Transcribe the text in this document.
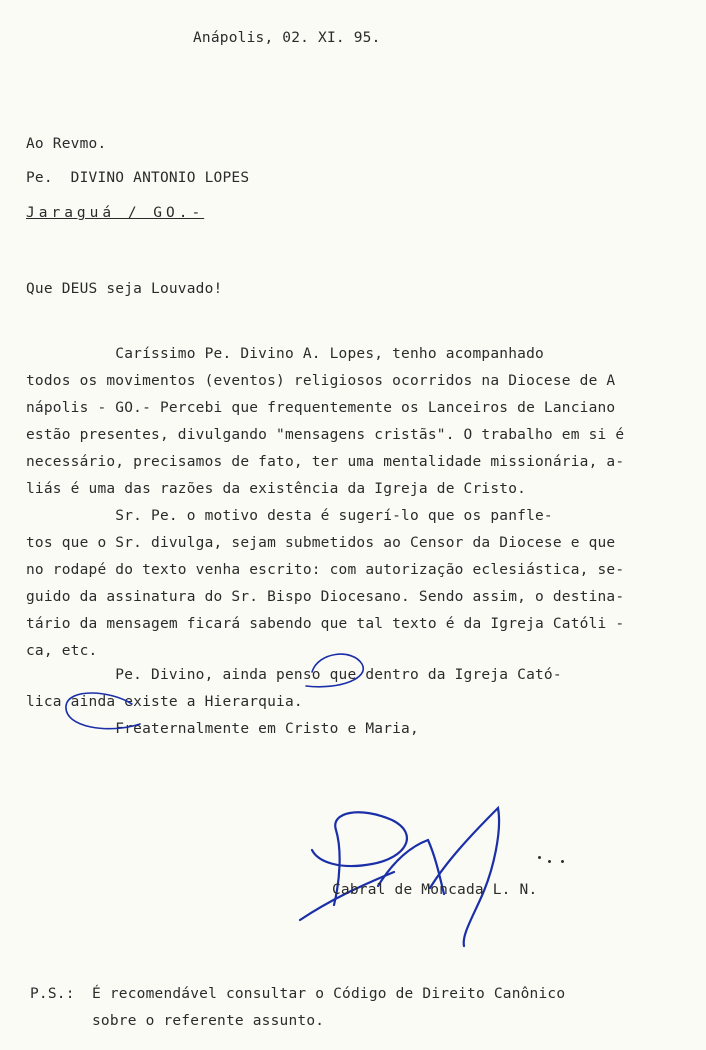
Anápolis, 02. XI. 95.
Ao Revmo.
Pe.  DIVINO ANTONIO LOPES
Jaraguá / GO.-
Que DEUS seja Louvado!
Caríssimo Pe. Divino A. Lopes, tenho acompanhado
todos os movimentos (eventos) religiosos ocorridos na Diocese de A
nápolis - GO.- Percebi que frequentemente os Lanceiros de Lanciano
estão presentes, divulgando "mensagens cristãs". O trabalho em si é
necessário, precisamos de fato, ter uma mentalidade missionária, a-
liás é uma das razões da existência da Igreja de Cristo.
Sr. Pe. o motivo desta é sugerí-lo que os panfle-
tos que o Sr. divulga, sejam submetidos ao Censor da Diocese e que
no rodapé do texto venha escrito: com autorização eclesiástica, se-
guido da assinatura do Sr. Bispo Diocesano. Sendo assim, o destina-
tário da mensagem ficará sabendo que tal texto é da Igreja Católi -
ca, etc.
Pe. Divino, ainda penso que dentro da Igreja Cató-
lica ainda existe a Hierarquia.
Freaternalmente em Cristo e Maria,
Cabral de Moncada L. N.
P.S.: É recomendável consultar o Código de Direito Canônico
sobre o referente assunto.
